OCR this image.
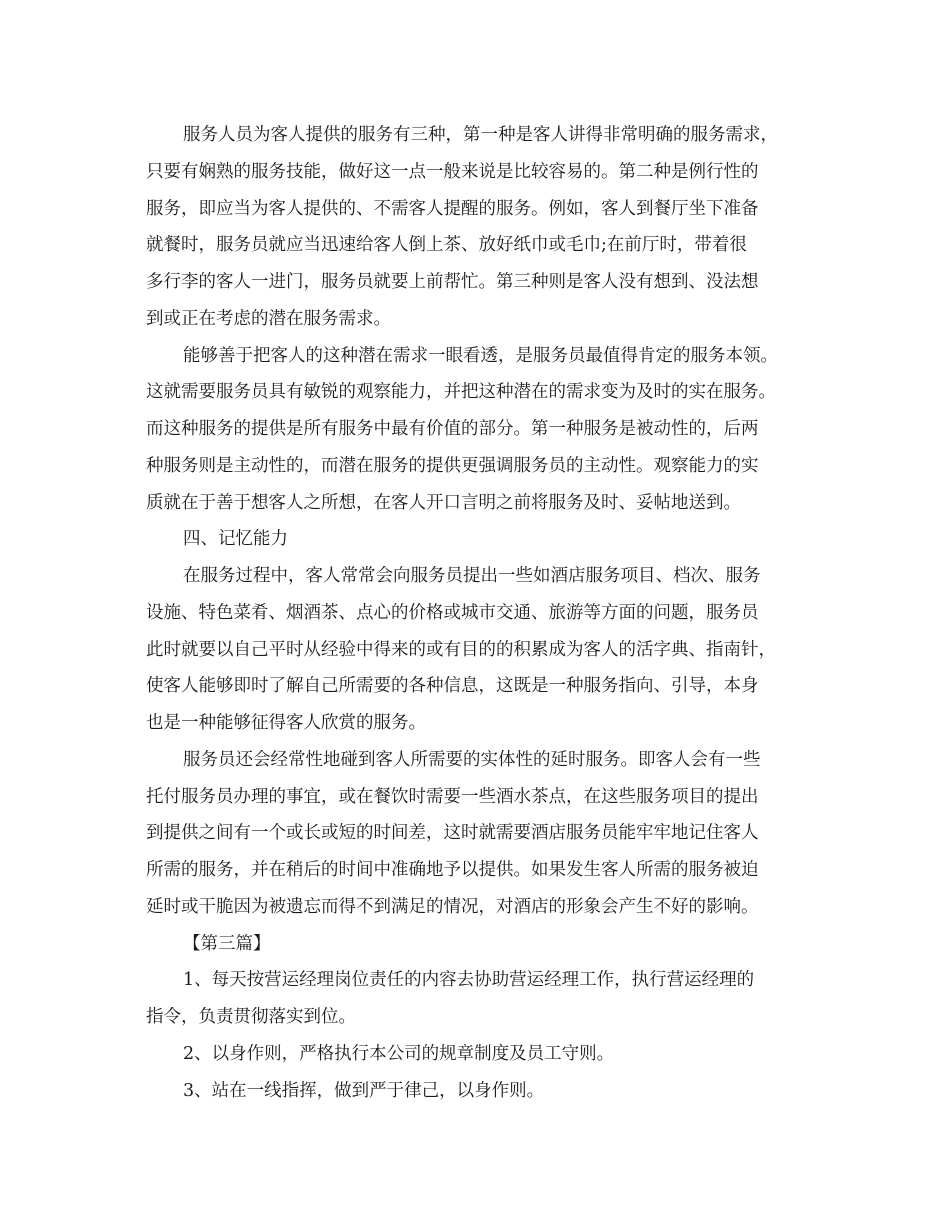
服务人员为客人提供的服务有三种，第一种是客人讲得非常明确的服务需求，
只要有娴熟的服务技能，做好这一点一般来说是比较容易的。第二种是例行性的
服务，即应当为客人提供的、不需客人提醒的服务。例如，客人到餐厅坐下准备
就餐时，服务员就应当迅速给客人倒上茶、放好纸巾或毛巾;在前厅时，带着很
多行李的客人一进门，服务员就要上前帮忙。第三种则是客人没有想到、没法想
到或正在考虑的潜在服务需求。
能够善于把客人的这种潜在需求一眼看透，是服务员最值得肯定的服务本领。
这就需要服务员具有敏锐的观察能力，并把这种潜在的需求变为及时的实在服务。
而这种服务的提供是所有服务中最有价值的部分。第一种服务是被动性的，后两
种服务则是主动性的，而潜在服务的提供更强调服务员的主动性。观察能力的实
质就在于善于想客人之所想，在客人开口言明之前将服务及时、妥帖地送到。
四、记忆能力
在服务过程中，客人常常会向服务员提出一些如酒店服务项目、档次、服务
设施、特色菜肴、烟酒茶、点心的价格或城市交通、旅游等方面的问题，服务员
此时就要以自己平时从经验中得来的或有目的的积累成为客人的活字典、指南针，
使客人能够即时了解自己所需要的各种信息，这既是一种服务指向、引导，本身
也是一种能够征得客人欣赏的服务。
服务员还会经常性地碰到客人所需要的实体性的延时服务。即客人会有一些
托付服务员办理的事宜，或在餐饮时需要一些酒水茶点，在这些服务项目的提出
到提供之间有一个或长或短的时间差，这时就需要酒店服务员能牢牢地记住客人
所需的服务，并在稍后的时间中准确地予以提供。如果发生客人所需的服务被迫
延时或干脆因为被遗忘而得不到满足的情况，对酒店的形象会产生不好的影响。
【第三篇】
1、每天按营运经理岗位责任的内容去协助营运经理工作，执行营运经理的
指令，负责贯彻落实到位。
2、以身作则，严格执行本公司的规章制度及员工守则。
3、站在一线指挥，做到严于律己，以身作则。
